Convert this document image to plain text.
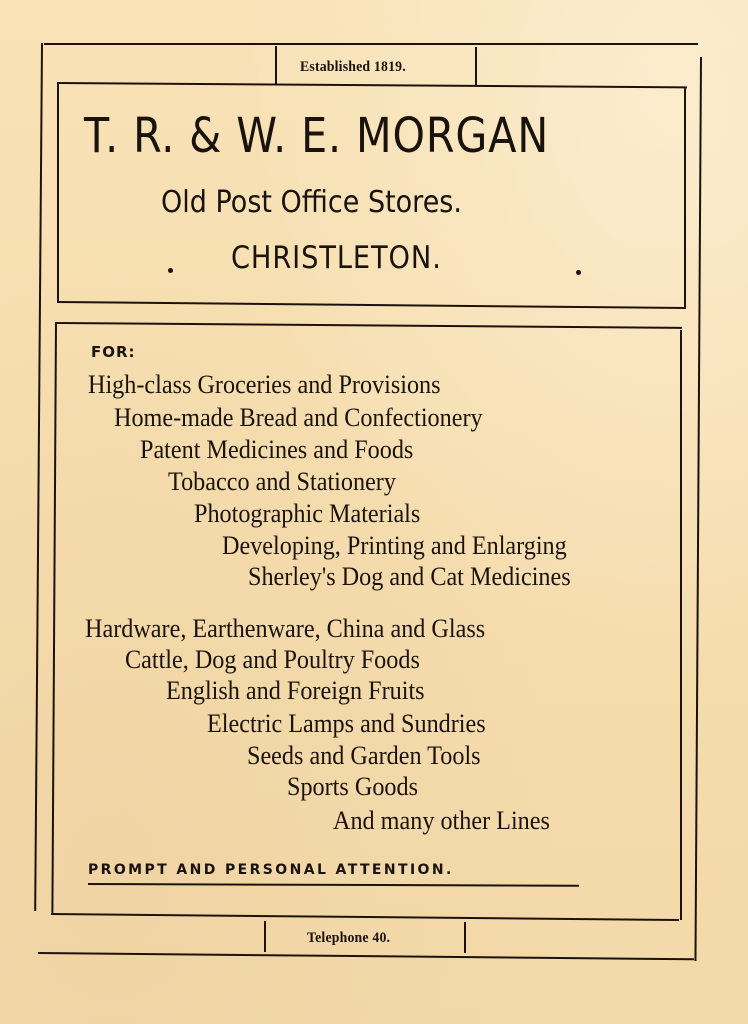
Established 1819.
T. R. & W. E. MORGAN
Old Post Office Stores.
CHRISTLETON.
FOR:
High-class Groceries and Provisions
Home-made Bread and Confectionery
Patent Medicines and Foods
Tobacco and Stationery
Photographic Materials
Developing, Printing and Enlarging
Sherley's Dog and Cat Medicines
Hardware, Earthenware, China and Glass
Cattle, Dog and Poultry Foods
English and Foreign Fruits
Electric Lamps and Sundries
Seeds and Garden Tools
Sports Goods
And many other Lines
PROMPT AND PERSONAL ATTENTION.
Telephone 40.
